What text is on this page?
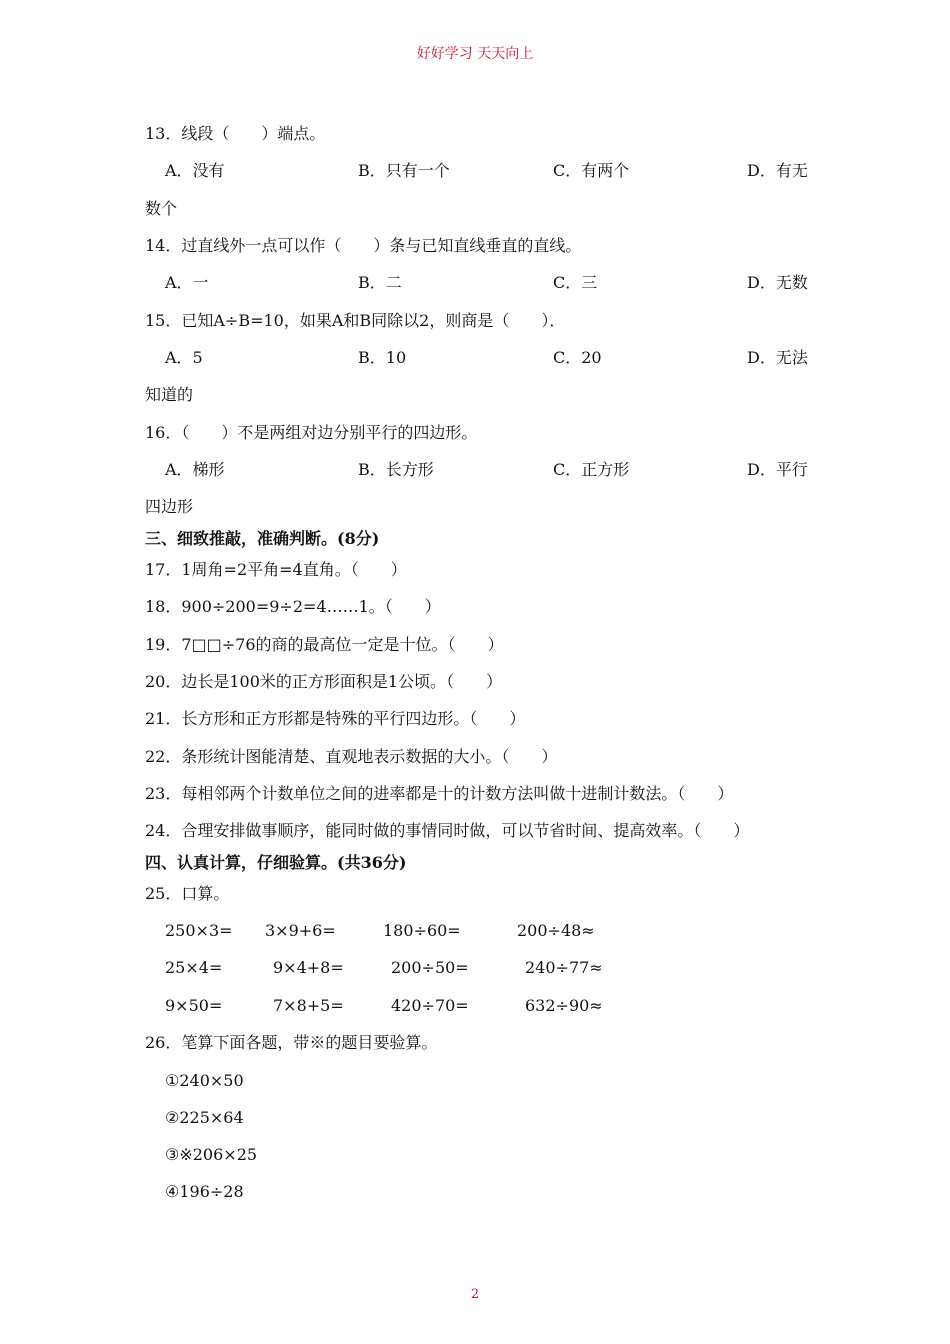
好好学习 天天向上
13．线段（　　）端点。
A．没有	B．只有一个	C．有两个	D．有无
数个
14．过直线外一点可以作（　　）条与已知直线垂直的直线。
A．一	B．二	C．三	D．无数
15．已知A÷B=10，如果A和B同除以2，则商是（　　）．
A．5	B．10	C．20	D．无法
知道的
16．（　　）不是两组对边分别平行的四边形。
A．梯形	B．长方形	C．正方形	D．平行
四边形
三、细致推敲，准确判断。(8分)
17．1周角=2平角=4直角。（　　）
18．900÷200=9÷2=4……1。（　　）
19．7□□÷76的商的最高位一定是十位。（　　）
20．边长是100米的正方形面积是1公顷。（　　）
21．长方形和正方形都是特殊的平行四边形。（　　）
22．条形统计图能清楚、直观地表示数据的大小。（　　）
23．每相邻两个计数单位之间的进率都是十的计数方法叫做十进制计数法。（　　）
24．合理安排做事顺序，能同时做的事情同时做，可以节省时间、提高效率。（　　）
四、认真计算，仔细验算。(共36分)
25．口算。
250×3= 3×9+6=	180÷60=	200÷48≈
25×4=	9×4+8=	200÷50=	240÷77≈
9×50=	7×8+5=	420÷70=	632÷90≈
26．笔算下面各题，带※的题目要验算。
①240×50
②225×64
③※206×25
④196÷28
2
